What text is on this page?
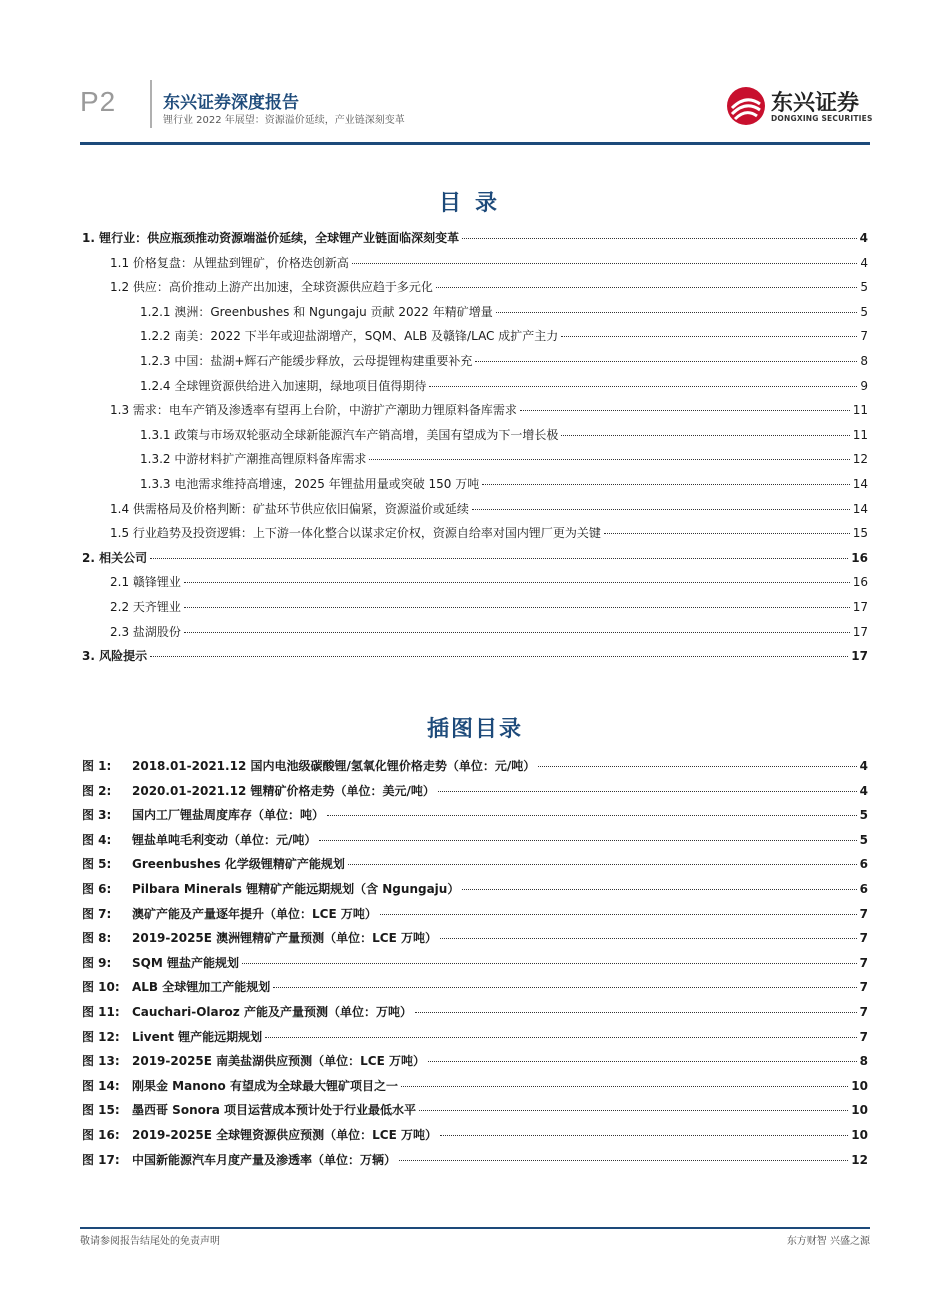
P2	东兴证券深度报告
锂行业 2022 年展望：资源溢价延续，产业链深刻变革
东兴证券
DONGXING SECURITIES
目录
1. 锂行业：供应瓶颈推动资源端溢价延续，全球锂产业链面临深刻变革	4
1.1 价格复盘：从锂盐到锂矿，价格迭创新高	4
1.2 供应：高价推动上游产出加速，全球资源供应趋于多元化	5
1.2.1 澳洲：Greenbushes 和 Ngungaju 贡献 2022 年精矿增量	5
1.2.2 南美：2022 下半年或迎盐湖增产，SQM、ALB 及赣锋/LAC 成扩产主力	7
1.2.3 中国：盐湖+辉石产能缓步释放，云母提锂构建重要补充	8
1.2.4 全球锂资源供给进入加速期，绿地项目值得期待	9
1.3 需求：电车产销及渗透率有望再上台阶，中游扩产潮助力锂原料备库需求	11
1.3.1 政策与市场双轮驱动全球新能源汽车产销高增，美国有望成为下一增长极	11
1.3.2 中游材料扩产潮推高锂原料备库需求	12
1.3.3 电池需求维持高增速，2025 年锂盐用量或突破 150 万吨	14
1.4 供需格局及价格判断：矿盐环节供应依旧偏紧，资源溢价或延续	14
1.5 行业趋势及投资逻辑：上下游一体化整合以谋求定价权，资源自给率对国内锂厂更为关键	15
2. 相关公司	16
2.1 赣锋锂业	16
2.2 天齐锂业	17
2.3 盐湖股份	17
3. 风险提示	17
插图目录
图 1:	2018.01-2021.12 国内电池级碳酸锂/氢氧化锂价格走势（单位：元/吨）	4
图 2:	2020.01-2021.12 锂精矿价格走势（单位：美元/吨）	4
图 3:	国内工厂锂盐周度库存（单位：吨）	5
图 4:	锂盐单吨毛利变动（单位：元/吨）	5
图 5:	Greenbushes 化学级锂精矿产能规划	6
图 6:	Pilbara Minerals 锂精矿产能远期规划（含 Ngungaju）	6
图 7:	澳矿产能及产量逐年提升（单位：LCE 万吨）	7
图 8:	2019-2025E 澳洲锂精矿产量预测（单位：LCE 万吨）	7
图 9:	SQM 锂盐产能规划	7
图 10:	ALB 全球锂加工产能规划	7
图 11:	Cauchari-Olaroz 产能及产量预测（单位：万吨）	7
图 12:	Livent 锂产能远期规划	7
图 13:	2019-2025E 南美盐湖供应预测（单位：LCE 万吨）	8
图 14:	刚果金 Manono 有望成为全球最大锂矿项目之一	10
图 15:	墨西哥 Sonora 项目运营成本预计处于行业最低水平	10
图 16:	2019-2025E 全球锂资源供应预测（单位：LCE 万吨）	10
图 17:	中国新能源汽车月度产量及渗透率（单位：万辆）	12
敬请参阅报告结尾处的免责声明	东方财智 兴盛之源
